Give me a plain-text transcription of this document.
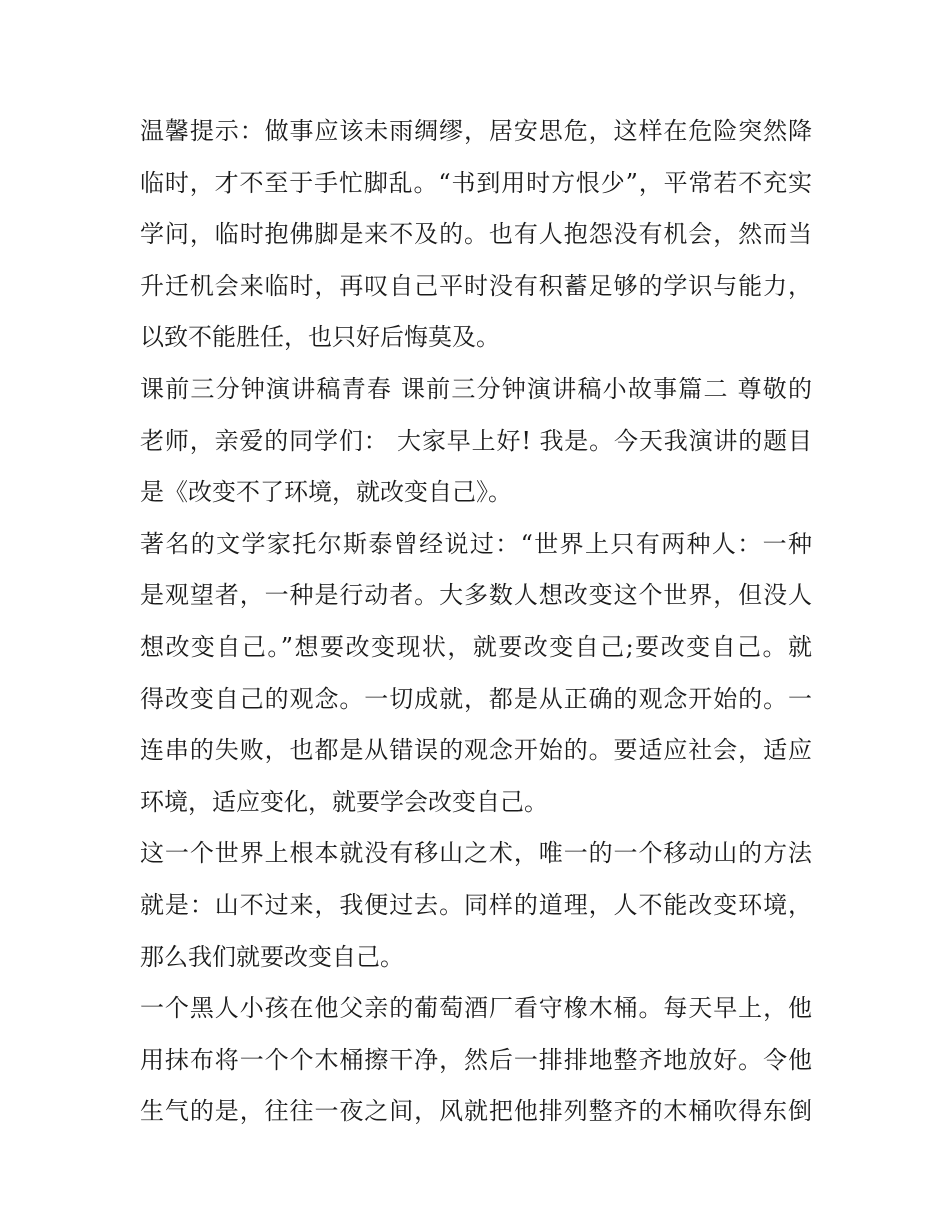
温馨提示：做事应该未雨绸缪，居安思危，这样在危险突然降
临时，才不至于手忙脚乱。“书到用时方恨少”，平常若不充实
学问，临时抱佛脚是来不及的。也有人抱怨没有机会，然而当
升迁机会来临时，再叹自己平时没有积蓄足够的学识与能力，
以致不能胜任，也只好后悔莫及。
课前三分钟演讲稿青春 课前三分钟演讲稿小故事篇二 尊敬的
老师，亲爱的同学们： 大家早上好! 我是。今天我演讲的题目
是《改变不了环境，就改变自己》。
著名的文学家托尔斯泰曾经说过：“世界上只有两种人：一种
是观望者，一种是行动者。大多数人想改变这个世界，但没人
想改变自己。”想要改变现状，就要改变自己;要改变自己。就
得改变自己的观念。一切成就，都是从正确的观念开始的。一
连串的失败，也都是从错误的观念开始的。要适应社会，适应
环境，适应变化，就要学会改变自己。
这一个世界上根本就没有移山之术，唯一的一个移动山的方法
就是：山不过来，我便过去。同样的道理，人不能改变环境，
那么我们就要改变自己。
一个黑人小孩在他父亲的葡萄酒厂看守橡木桶。每天早上，他
用抹布将一个个木桶擦干净，然后一排排地整齐地放好。令他
生气的是，往往一夜之间，风就把他排列整齐的木桶吹得东倒
